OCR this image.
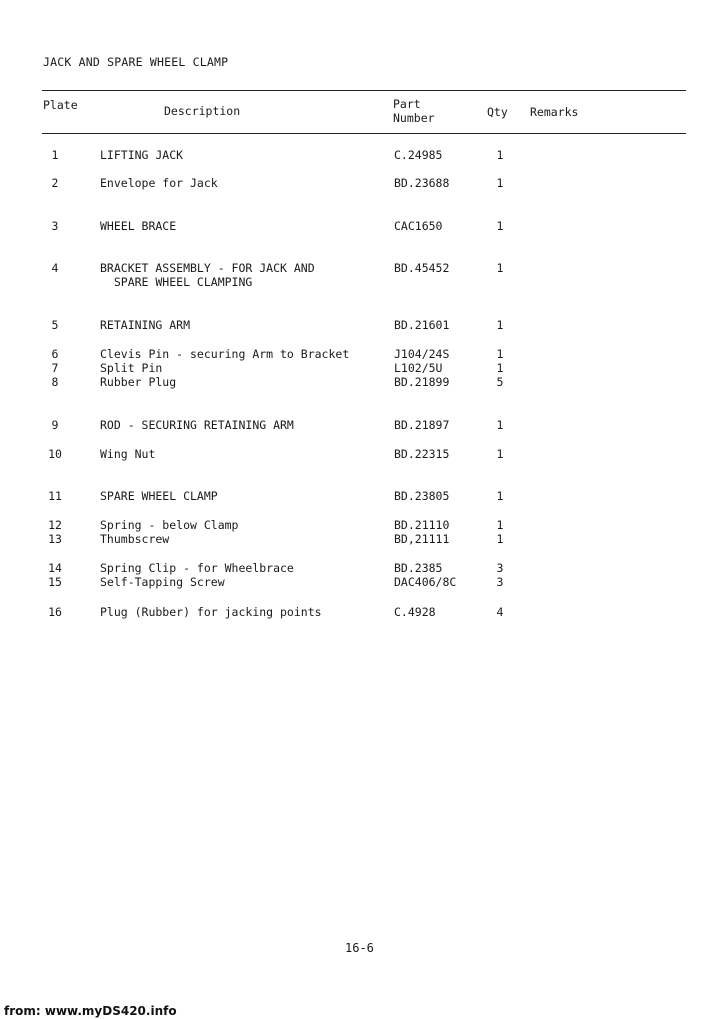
JACK AND SPARE WHEEL CLAMP
Plate	Description	Part
Number	Qty Remarks
1	LIFTING JACK	C.24985	1
2	Envelope for Jack	BD.23688	1
3	WHEEL BRACE	CAC1650	1
4	BRACKET ASSEMBLY - FOR JACK AND
SPARE WHEEL CLAMPING
BD.45452	1
5	RETAINING ARM	BD.21601	1
6	Clevis Pin - securing Arm to Bracket	J104/24S	1
7	Split Pin	L102/5U	1
8	Rubber Plug	BD.21899	5
9	ROD - SECURING RETAINING ARM	BD.21897	1
10	Wing Nut	BD.22315	1
11	SPARE WHEEL CLAMP	BD.23805	1
12	Spring - below Clamp	BD.21110	1
13	Thumbscrew	BD,21111	1
14	Spring Clip - for Wheelbrace	BD.2385	3
15	Self-Tapping Screw	DAC406/8C	3
16	Plug (Rubber) for jacking points	C.4928	4
16-6
from: www.myDS420.info
